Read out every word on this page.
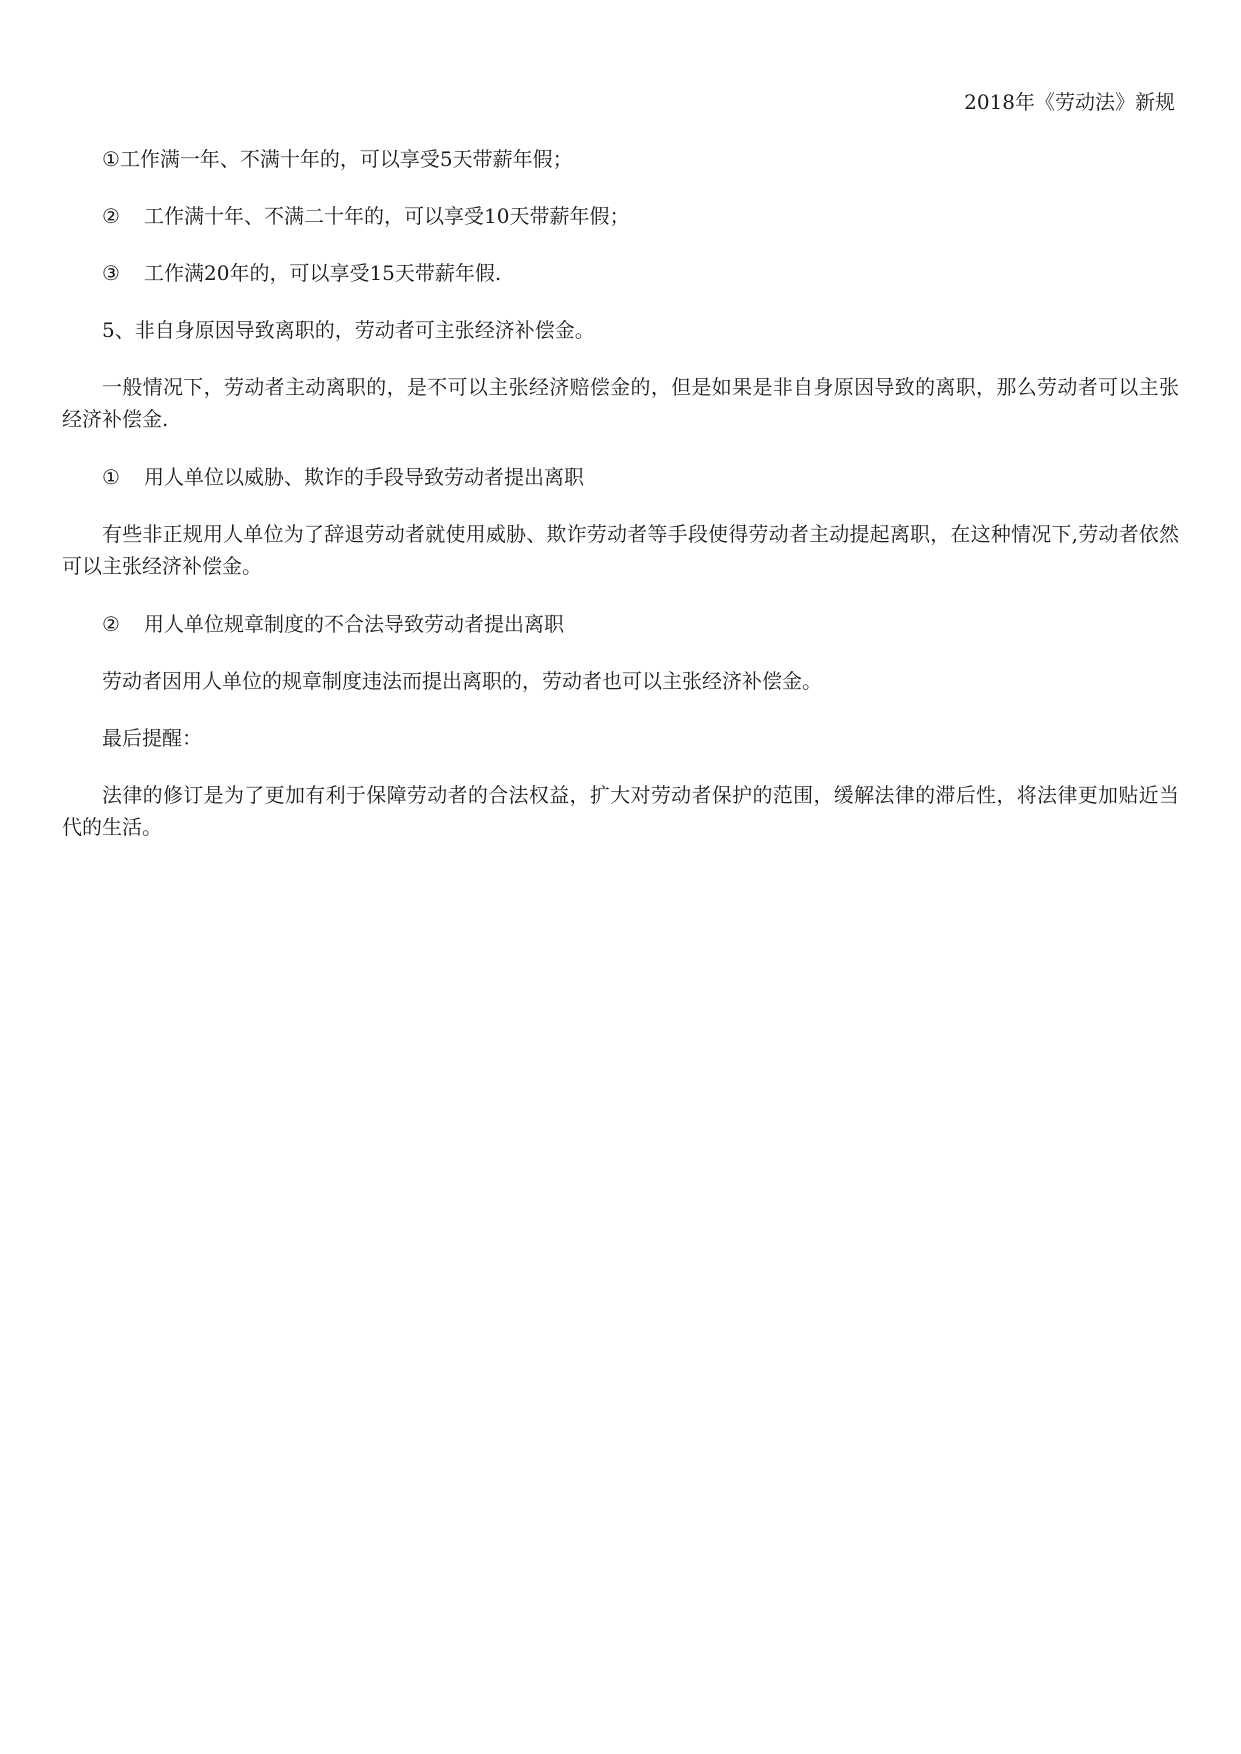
2018年《劳动法》新规

①工作满一年、不满十年的，可以享受5天带薪年假；

② 工作满十年、不满二十年的，可以享受10天带薪年假；

③ 工作满20年的，可以享受15天带薪年假.

5、非自身原因导致离职的，劳动者可主张经济补偿金。

一般情况下，劳动者主动离职的，是不可以主张经济赔偿金的，但是如果是非自身原因导致的离职，那么劳动者可以主张经济补偿金.

① 用人单位以威胁、欺诈的手段导致劳动者提出离职

有些非正规用人单位为了辞退劳动者就使用威胁、欺诈劳动者等手段使得劳动者主动提起离职，在这种情况下,劳动者依然可以主张经济补偿金。

② 用人单位规章制度的不合法导致劳动者提出离职

劳动者因用人单位的规章制度违法而提出离职的，劳动者也可以主张经济补偿金。

最后提醒：

法律的修订是为了更加有利于保障劳动者的合法权益，扩大对劳动者保护的范围，缓解法律的滞后性，将法律更加贴近当代的生活。
